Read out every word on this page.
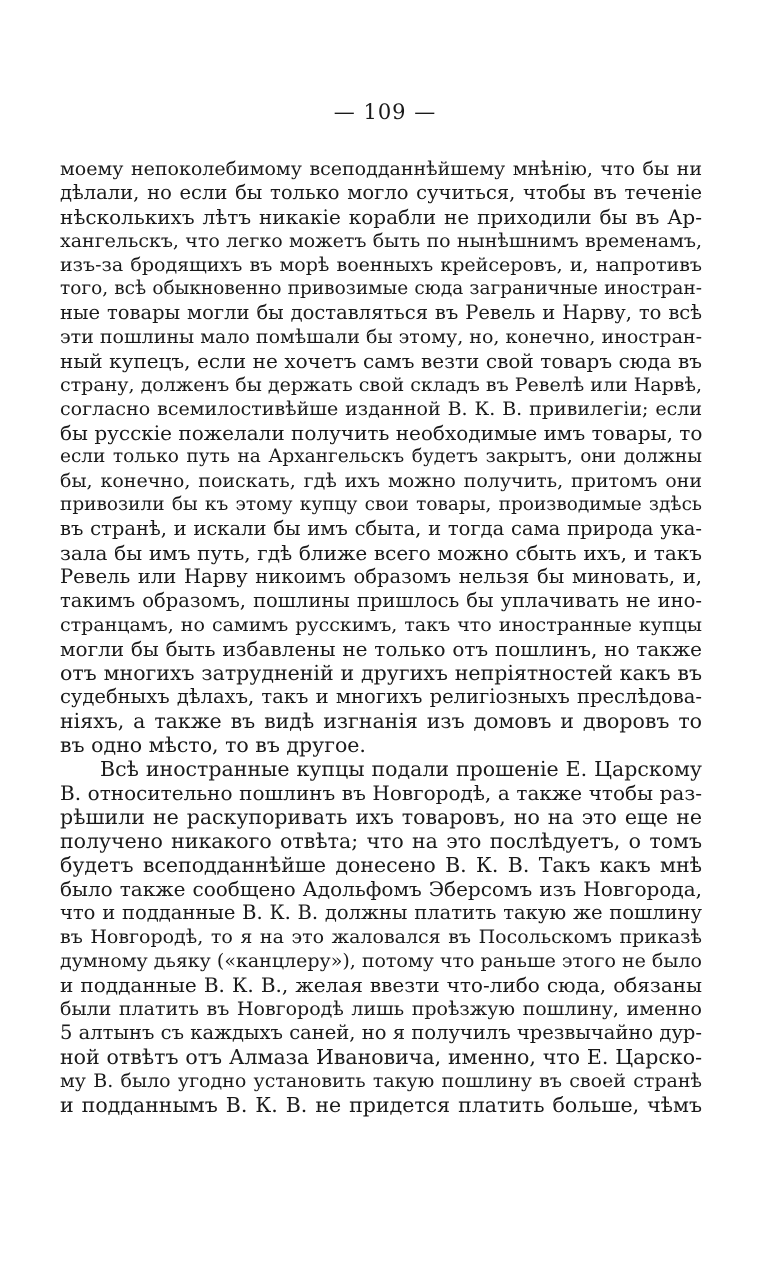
— 109 —
моему непоколебимому всеподданнѣйшему мнѣнію, что бы ни
дѣлали, но если бы только могло сучиться, чтобы въ теченіе
нѣсколькихъ лѣтъ никакіе корабли не приходили бы въ Ар-
хангельскъ, что легко можетъ быть по нынѣшнимъ временамъ,
изъ-за бродящихъ въ морѣ военныхъ крейсеровъ, и, напротивъ
того, всѣ обыкновенно привозимые сюда заграничные иностран-
ные товары могли бы доставляться въ Ревель и Нарву, то всѣ
эти пошлины мало помѣшали бы этому, но, конечно, иностран-
ный купецъ, если не хочетъ самъ везти свой товаръ сюда въ
страну, долженъ бы держать свой складъ въ Ревелѣ или Нарвѣ,
согласно всемилостивѣйше изданной В. К. В. привилегіи; если
бы русскіе пожелали получить необходимые имъ товары, то
если только путь на Архангельскъ будетъ закрытъ, они должны
бы, конечно, поискать, гдѣ ихъ можно получить, притомъ они
привозили бы къ этому купцу свои товары, производимые здѣсь
въ странѣ, и искали бы имъ сбыта, и тогда сама природа ука-
зала бы имъ путь, гдѣ ближе всего можно сбыть ихъ, и такъ
Ревель или Нарву никоимъ образомъ нельзя бы миновать, и,
такимъ образомъ, пошлины пришлось бы уплачивать не ино-
странцамъ, но самимъ русскимъ, такъ что иностранные купцы
могли бы быть избавлены не только отъ пошлинъ, но также
отъ многихъ затрудненій и другихъ непріятностей какъ въ
судебныхъ дѣлахъ, такъ и многихъ религіозныхъ преслѣдова-
ніяхъ, а также въ видѣ изгнанія изъ домовъ и дворовъ то
въ одно мѣсто, то въ другое.
Всѣ иностранные купцы подали прошеніе Е. Царскому
В. относительно пошлинъ въ Новгородѣ, а также чтобы раз-
рѣшили не раскупоривать ихъ товаровъ, но на это еще не
получено никакого отвѣта; что на это послѣдуетъ, о томъ
будетъ всеподданнѣйше донесено В. К. В. Такъ какъ мнѣ
было также сообщено Адольфомъ Эберсомъ изъ Новгорода,
что и подданные В. К. В. должны платить такую же пошлину
въ Новгородѣ, то я на это жаловался въ Посольскомъ приказѣ
думному дьяку («канцлеру»), потому что раньше этого не было
и подданные В. К. В., желая ввезти что-либо сюда, обязаны
были платить въ Новгородѣ лишь проѣзжую пошлину, именно
5 алтынъ съ каждыхъ саней, но я получилъ чрезвычайно дур-
ной отвѣтъ отъ Алмаза Ивановича, именно, что Е. Царско-
му В. было угодно установить такую пошлину въ своей странѣ
и подданнымъ В. К. В. не придется платить больше, чѣмъ
